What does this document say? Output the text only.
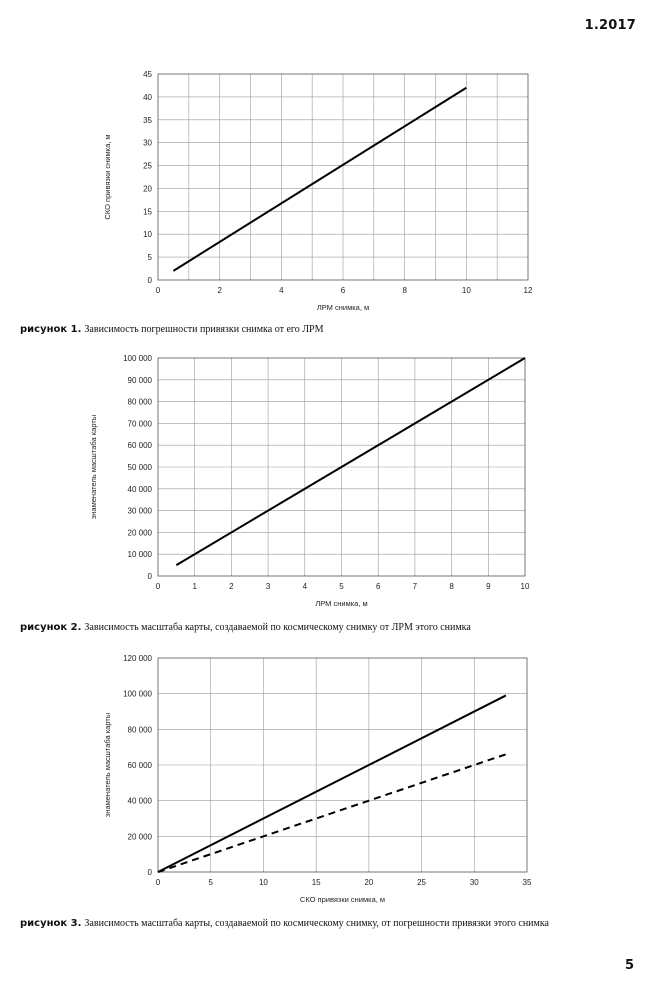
1.2017
0	2	4	6	8	10	12
0
5
10
15
20
25
30
35
40
45
ЛРМ снимка, м
СКО привязки снимка, м
рисунок 1. Зависимость погрешности привязки снимка от его ЛРМ
0	1	2	3	4	5	6	7	8	9	10
0
10 000
20 000
30 000
40 000
50 000
60 000
70 000
80 000
90 000
100 000
ЛРМ снимка, м
знаменатель масштаба карты
рисунок 2. Зависимость масштаба карты, создаваемой по космическому снимку от ЛРМ этого снимка
0	5	10	15	20	25	30	35
0
20 000
40 000
60 000
80 000
100 000
120 000
СКО привязки снимка, м
знаменатель масштаба карты
рисунок 3. Зависимость масштаба карты, создаваемой по космическому снимку, от погрешности привязки этого снимка
5
